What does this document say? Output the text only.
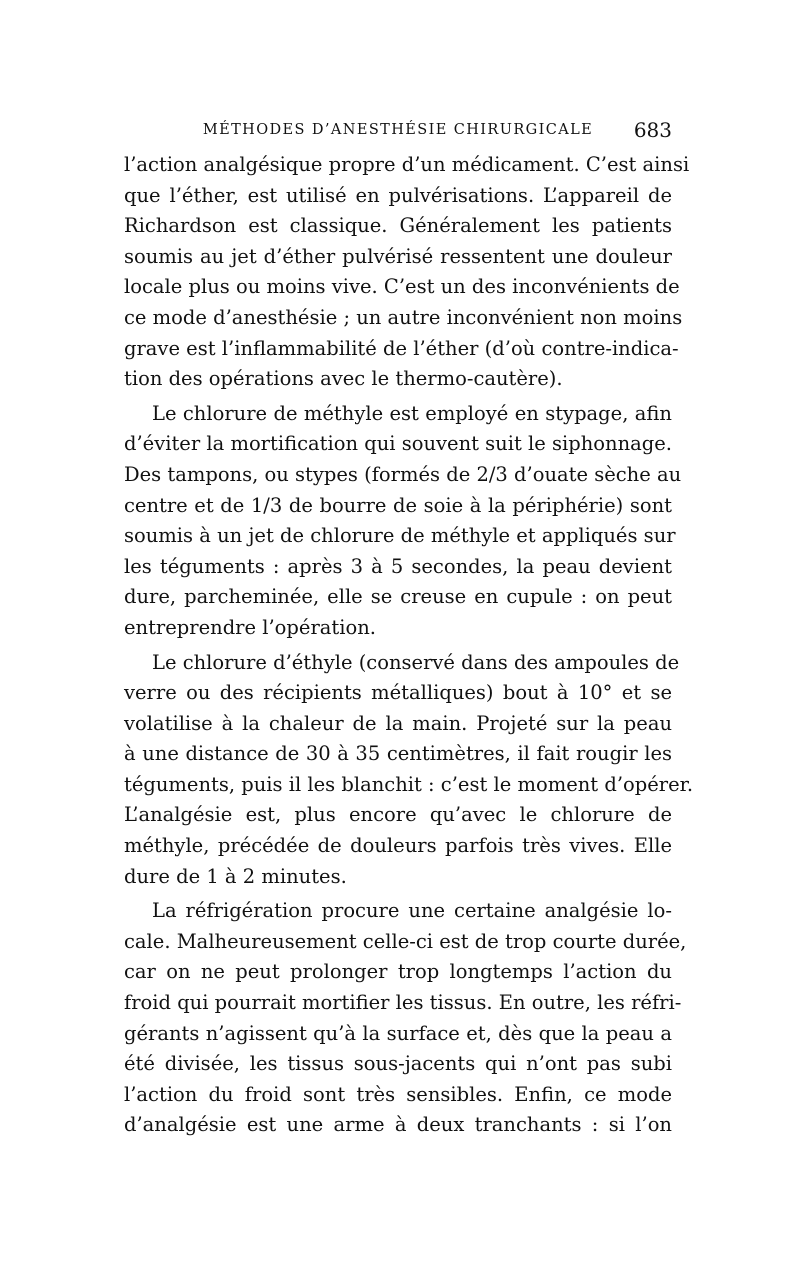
MÉTHODES D’ANESTHÉSIE CHIRURGICALE	683
l’action analgésique propre d’un médicament. C’est ainsi
que l’éther, est utilisé en pulvérisations. L’appareil de
Richardson est classique. Généralement les patients
soumis au jet d’éther pulvérisé ressentent une douleur
locale plus ou moins vive. C’est un des inconvénients de
ce mode d’anesthésie ; un autre inconvénient non moins
grave est l’inflammabilité de l’éther (d’où contre-indica-
tion des opérations avec le thermo-cautère).
Le chlorure de méthyle est employé en stypage, afin
d’éviter la mortification qui souvent suit le siphonnage.
Des tampons, ou stypes (formés de 2/3 d’ouate sèche au
centre et de 1/3 de bourre de soie à la périphérie) sont
soumis à un jet de chlorure de méthyle et appliqués sur
les téguments : après 3 à 5 secondes, la peau devient
dure, parcheminée, elle se creuse en cupule : on peut
entreprendre l’opération.
Le chlorure d’éthyle (conservé dans des ampoules de
verre ou des récipients métalliques) bout à 10° et se
volatilise à la chaleur de la main. Projeté sur la peau
à une distance de 30 à 35 centimètres, il fait rougir les
téguments, puis il les blanchit : c’est le moment d’opérer.
L’analgésie est, plus encore qu’avec le chlorure de
méthyle, précédée de douleurs parfois très vives. Elle
dure de 1 à 2 minutes.
La réfrigération procure une certaine analgésie lo-
cale. Malheureusement celle-ci est de trop courte durée,
car on ne peut prolonger trop longtemps l’action du
froid qui pourrait mortifier les tissus. En outre, les réfri-
gérants n’agissent qu’à la surface et, dès que la peau a
été divisée, les tissus sous-jacents qui n’ont pas subi
l’action du froid sont très sensibles. Enfin, ce mode
d’analgésie est une arme à deux tranchants : si l’on
